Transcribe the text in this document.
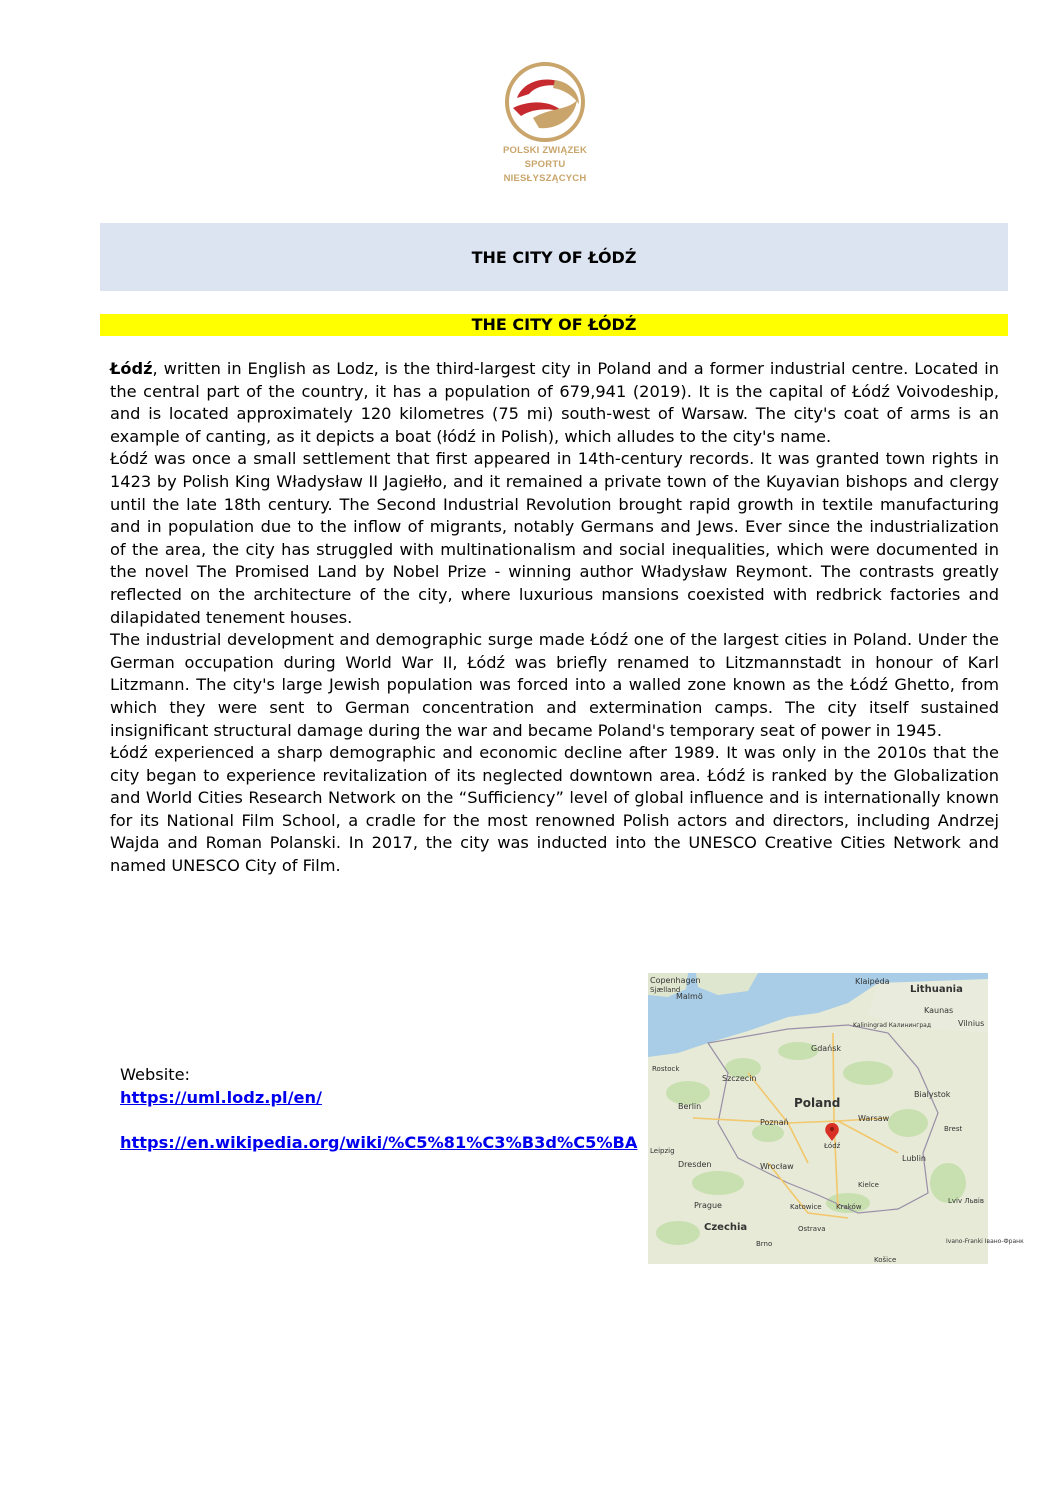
POLSKI ZWIĄZEK
SPORTU NIESŁYSZĄCYCH
THE CITY OF ŁÓDŹ
THE CITY OF ŁÓDŹ

Łódź, written in English as Lodz, is the third-largest city in Poland and a former industrial centre. Located in the central part of the country, it has a population of 679,941 (2019). It is the capital of Łódź Voivodeship, and is located approximately 120 kilometres (75 mi) south-west of Warsaw. The city's coat of arms is an example of canting, as it depicts a boat (łódź in Polish), which alludes to the city's name.

Łódź was once a small settlement that first appeared in 14th-century records. It was granted town rights in 1423 by Polish King Władysław II Jagiełło, and it remained a private town of the Kuyavian bishops and clergy until the late 18th century. The Second Industrial Revolution brought rapid growth in textile manufacturing and in population due to the inflow of migrants, notably Germans and Jews. Ever since the industrialization of the area, the city has struggled with multinationalism and social inequalities, which were documented in the novel The Promised Land by Nobel Prize - winning author Władysław Reymont. The contrasts greatly reflected on the architecture of the city, where luxurious mansions coexisted with redbrick factories and dilapidated tenement houses.

The industrial development and demographic surge made Łódź one of the largest cities in Poland. Under the German occupation during World War II, Łódź was briefly renamed to Litzmannstadt in honour of Karl Litzmann. The city's large Jewish population was forced into a walled zone known as the Łódź Ghetto, from which they were sent to German concentration and extermination camps. The city itself sustained insignificant structural damage during the war and became Poland's temporary seat of power in 1945.

Łódź experienced a sharp demographic and economic decline after 1989. It was only in the 2010s that the city began to experience revitalization of its neglected downtown area. Łódź is ranked by the Globalization and World Cities Research Network on the “Sufficiency” level of global influence and is internationally known for its National Film School, a cradle for the most renowned Polish actors and directors, including Andrzej Wajda and Roman Polanski. In 2017, the city was inducted into the UNESCO Creative Cities Network and named UNESCO City of Film.

Website:
https://uml.lodz.pl/en/
https://en.wikipedia.org/wiki/%C5%81%C3%B3d%C5%BA
Copenhagen
Sjælland
Malmö
Klaipėda
Lithuania
Kaunas
Vilnius
Kaliningrad Калининград
Rostock
Gdańsk
Szczecin
Bialystok
Berlin	Poland
Poznań	Warsaw
Brest
Łódź
Leipzig
Dresden	Wrocław
Lublin
Prague	Katowice Kraków
Kielce
Lviv Львів
Czechia	Ostrava
Brno
Košice
Ivano-Franki Івано-Франк
